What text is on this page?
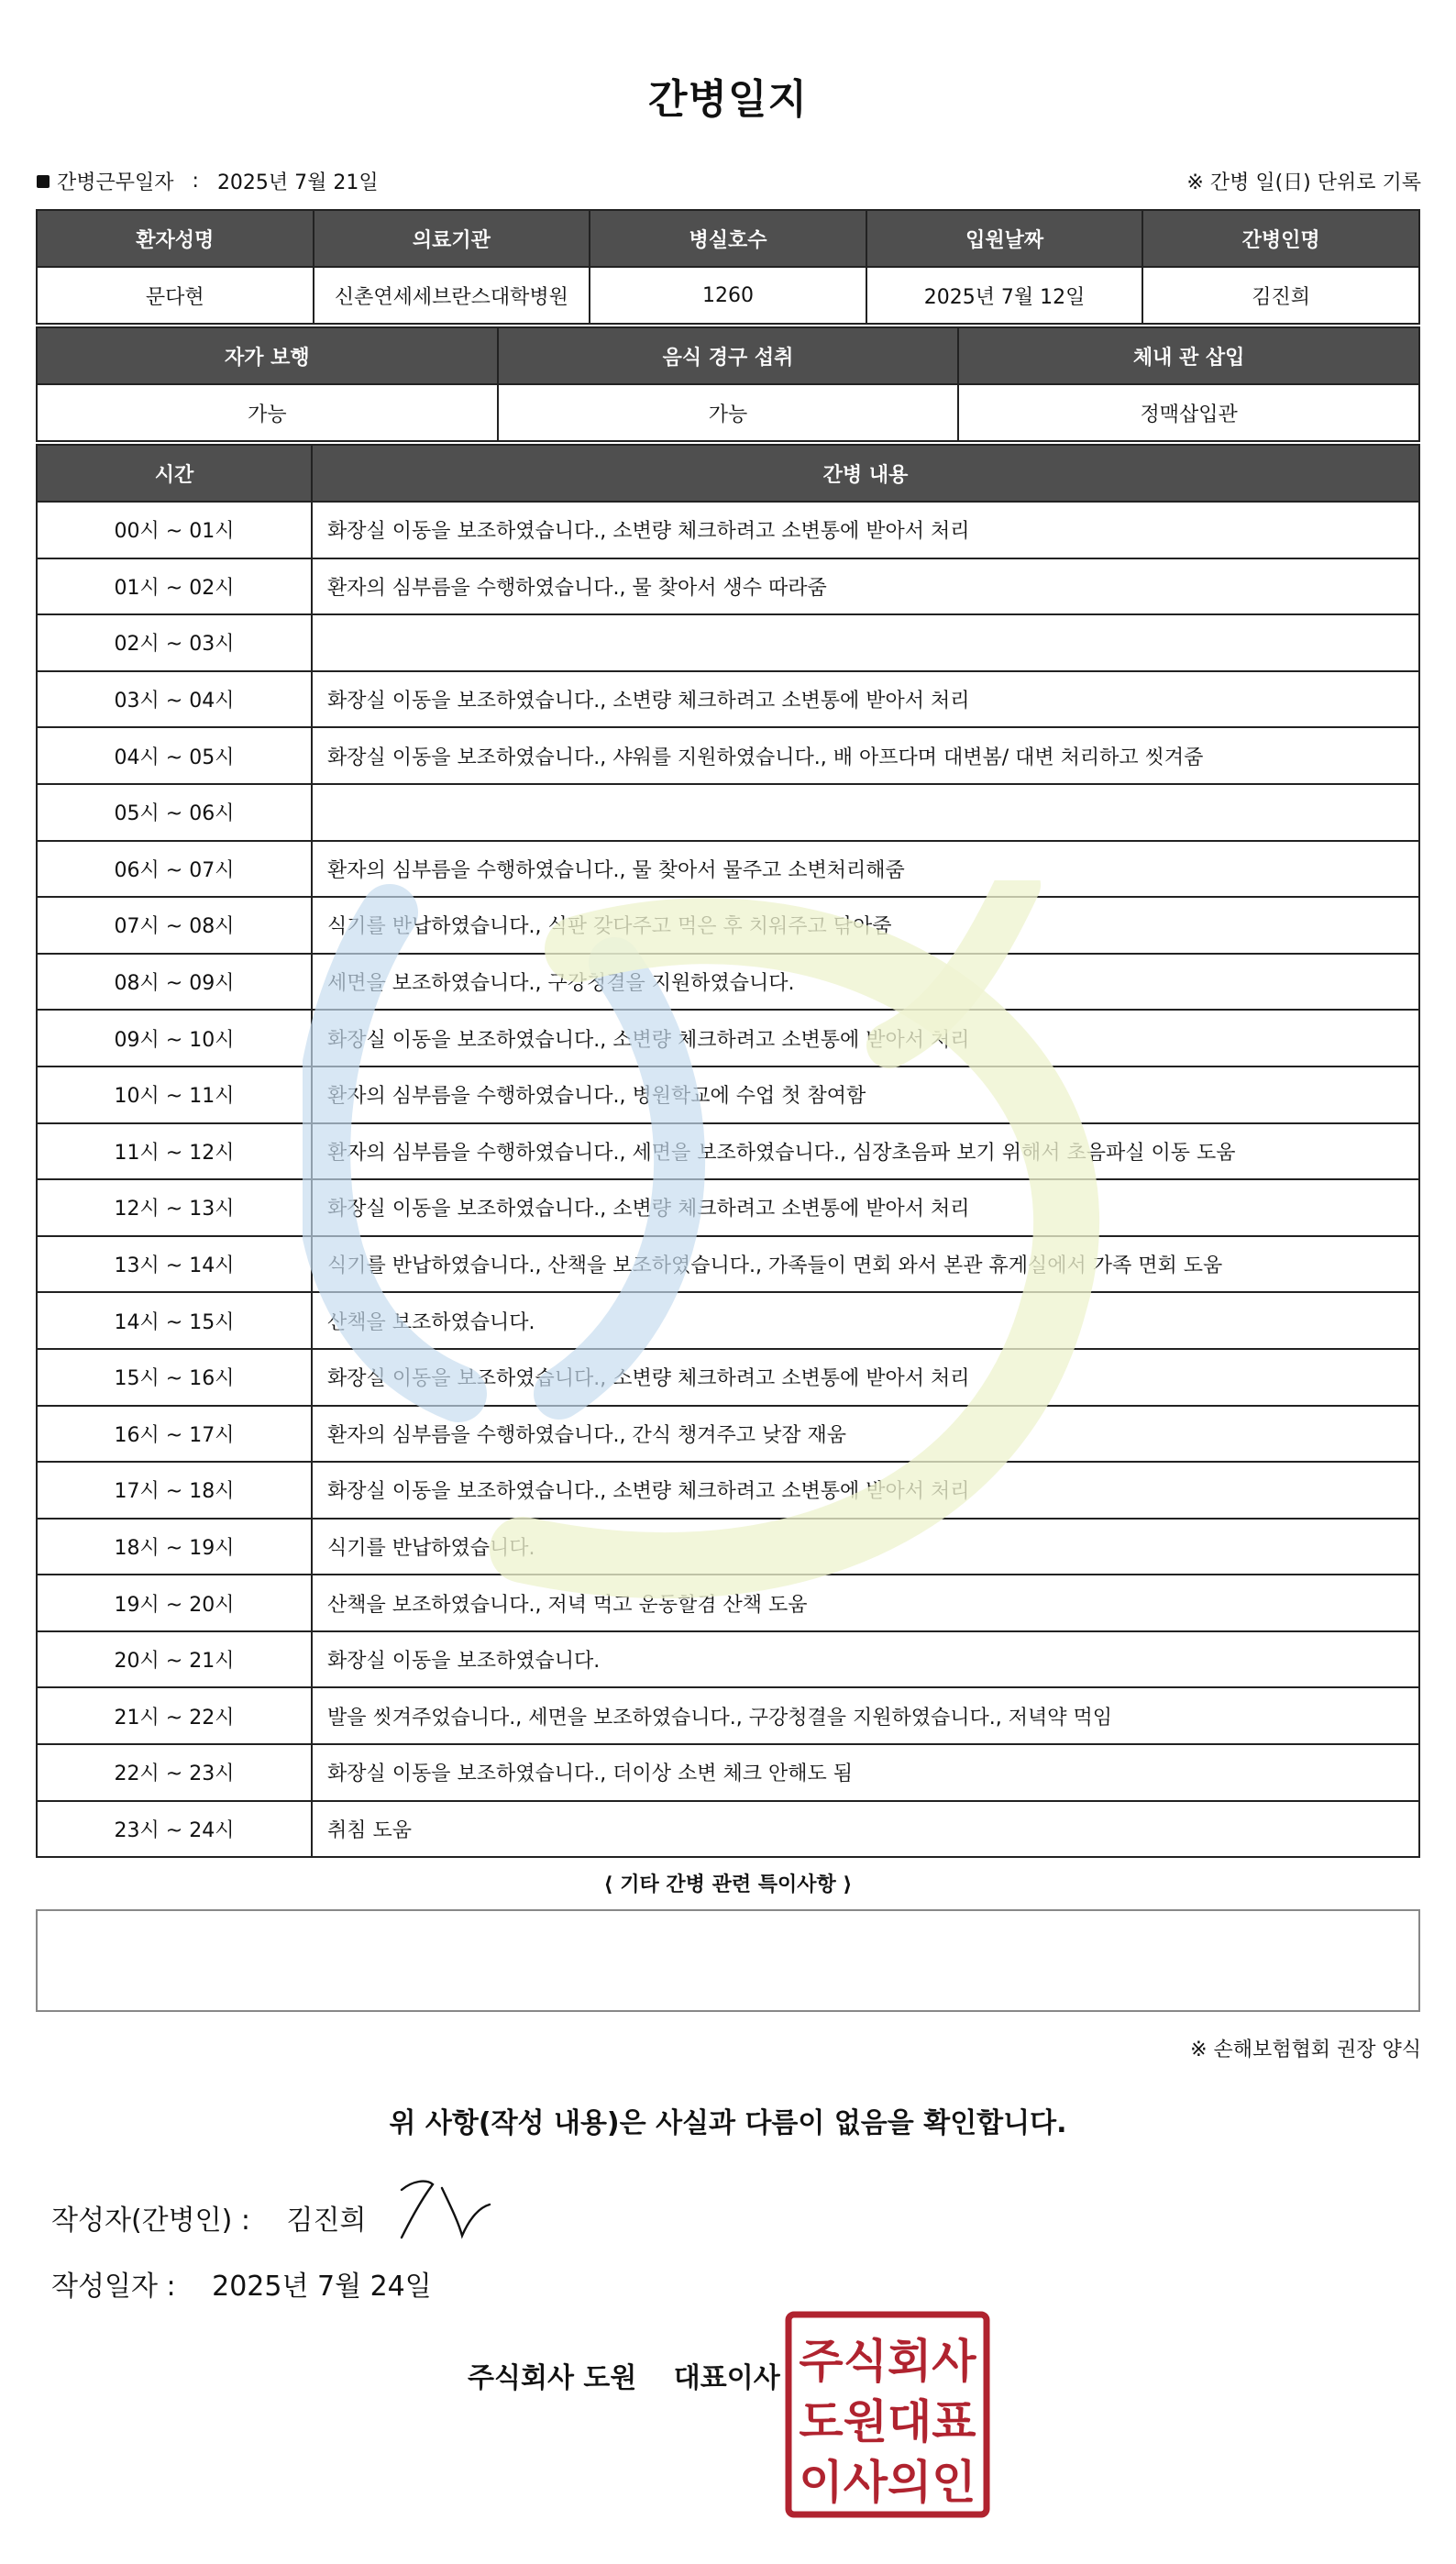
간병일지
간병근무일자 : 2025년 7월 21일	※ 간병 일(日) 단위로 기록
환자성명	의료기관	병실호수	입원날짜	간병인명
문다현	신촌연세세브란스대학병원	1260	2025년 7월 12일	김진희
자가 보행	음식 경구 섭취	체내 관 삽입
가능	가능	정맥삽입관
시간	간병 내용
00시 ~ 01시	화장실 이동을 보조하였습니다., 소변량 체크하려고 소변통에 받아서 처리
01시 ~ 02시	환자의 심부름을 수행하였습니다., 물 찾아서 생수 따라줌
02시 ~ 03시	
03시 ~ 04시	화장실 이동을 보조하였습니다., 소변량 체크하려고 소변통에 받아서 처리
04시 ~ 05시	화장실 이동을 보조하였습니다., 샤워를 지원하였습니다., 배 아프다며 대변봄/ 대변 처리하고 씻겨줌
05시 ~ 06시	
06시 ~ 07시	환자의 심부름을 수행하였습니다., 물 찾아서 물주고 소변처리해줌
07시 ~ 08시	식기를 반납하였습니다., 식판 갖다주고 먹은 후 치워주고 닦아줌
08시 ~ 09시	세면을 보조하였습니다., 구강청결을 지원하였습니다.
09시 ~ 10시	화장실 이동을 보조하였습니다., 소변량 체크하려고 소변통에 받아서 처리
10시 ~ 11시	환자의 심부름을 수행하였습니다., 병원학교에 수업 첫 참여함
11시 ~ 12시	환자의 심부름을 수행하였습니다., 세면을 보조하였습니다., 심장초음파 보기 위해서 초음파실 이동 도움
12시 ~ 13시	화장실 이동을 보조하였습니다., 소변량 체크하려고 소변통에 받아서 처리
13시 ~ 14시	식기를 반납하였습니다., 산책을 보조하였습니다., 가족들이 면회 와서 본관 휴게실에서 가족 면회 도움
14시 ~ 15시	산책을 보조하였습니다.
15시 ~ 16시	화장실 이동을 보조하였습니다., 소변량 체크하려고 소변통에 받아서 처리
16시 ~ 17시	환자의 심부름을 수행하였습니다., 간식 챙겨주고 낮잠 재움
17시 ~ 18시	화장실 이동을 보조하였습니다., 소변량 체크하려고 소변통에 받아서 처리
18시 ~ 19시	식기를 반납하였습니다.
19시 ~ 20시	산책을 보조하였습니다., 저녁 먹고 운동할겸 산책 도움
20시 ~ 21시	화장실 이동을 보조하였습니다.
21시 ~ 22시	발을 씻겨주었습니다., 세면을 보조하였습니다., 구강청결을 지원하였습니다., 저녁약 먹임
22시 ~ 23시	화장실 이동을 보조하였습니다., 더이상 소변 체크 안해도 됨
23시 ~ 24시	취침 도움
⟨ 기타 간병 관련 특이사항 ⟩
※ 손해보험협회 권장 양식
위 사항(작성 내용)은 사실과 다름이 없음을 확인합니다.
작성자(간병인) : 김진희
작성일자 : 2025년 7월 24일
주식회사 도원 대표이사 주식회사
도원대표
이사의인
